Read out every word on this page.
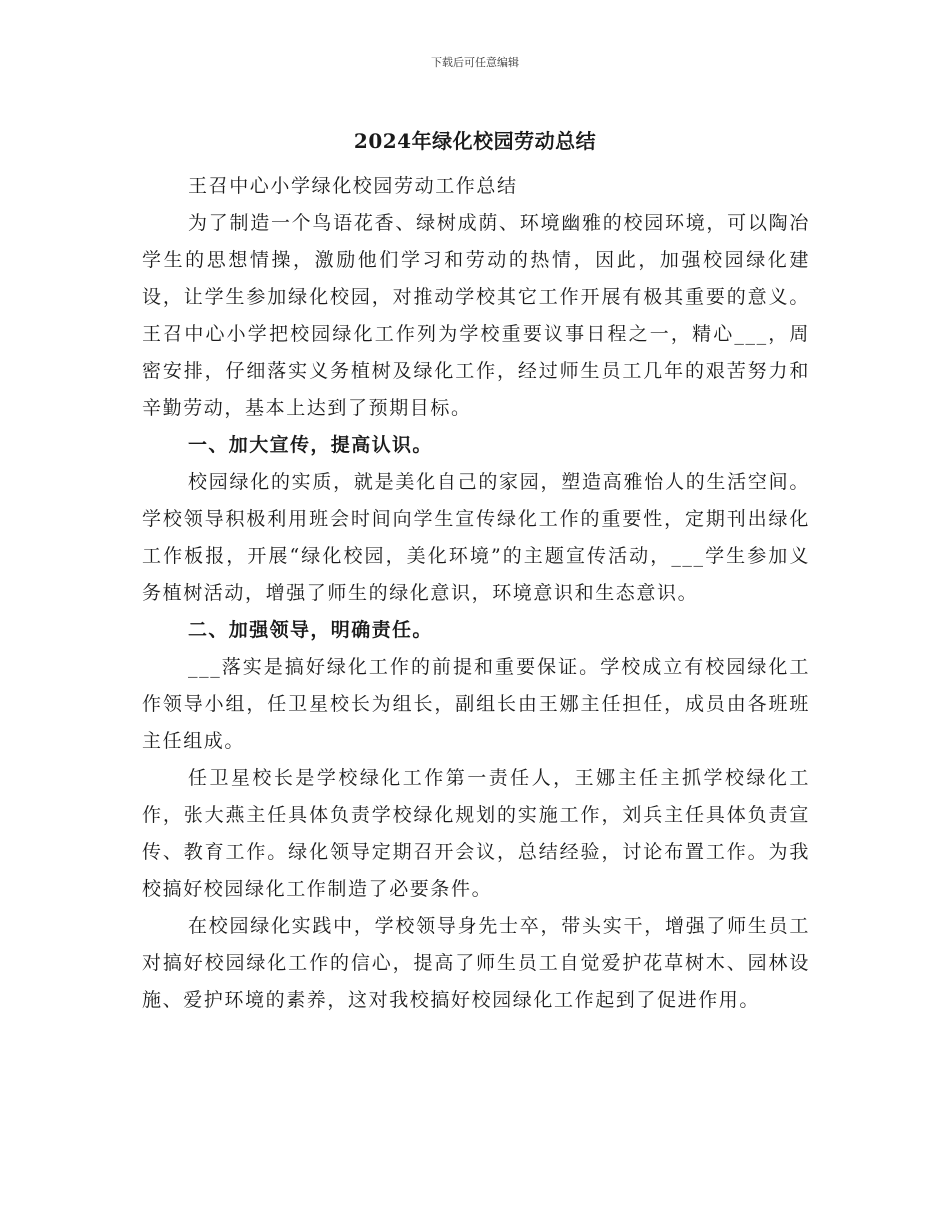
下载后可任意编辑
2024年绿化校园劳动总结

王召中心小学绿化校园劳动工作总结

为了制造一个鸟语花香、绿树成荫、环境幽雅的校园环境，可以陶冶学生的思想情操，激励他们学习和劳动的热情，因此，加强校园绿化建设，让学生参加绿化校园，对推动学校其它工作开展有极其重要的意义。王召中心小学把校园绿化工作列为学校重要议事日程之一，精心___，周密安排，仔细落实义务植树及绿化工作，经过师生员工几年的艰苦努力和辛勤劳动，基本上达到了预期目标。

一、加大宣传，提高认识。

校园绿化的实质，就是美化自己的家园，塑造高雅怡人的生活空间。学校领导积极利用班会时间向学生宣传绿化工作的重要性，定期刊出绿化工作板报，开展“绿化校园，美化环境”的主题宣传活动，___学生参加义务植树活动，增强了师生的绿化意识，环境意识和生态意识。

二、加强领导，明确责任。

___落实是搞好绿化工作的前提和重要保证。学校成立有校园绿化工作领导小组，任卫星校长为组长，副组长由王娜主任担任，成员由各班班主任组成。

任卫星校长是学校绿化工作第一责任人，王娜主任主抓学校绿化工作，张大燕主任具体负责学校绿化规划的实施工作，刘兵主任具体负责宣传、教育工作。绿化领导定期召开会议，总结经验，讨论布置工作。为我校搞好校园绿化工作制造了必要条件。

在校园绿化实践中，学校领导身先士卒，带头实干，增强了师生员工对搞好校园绿化工作的信心，提高了师生员工自觉爱护花草树木、园林设施、爱护环境的素养，这对我校搞好校园绿化工作起到了促进作用。
